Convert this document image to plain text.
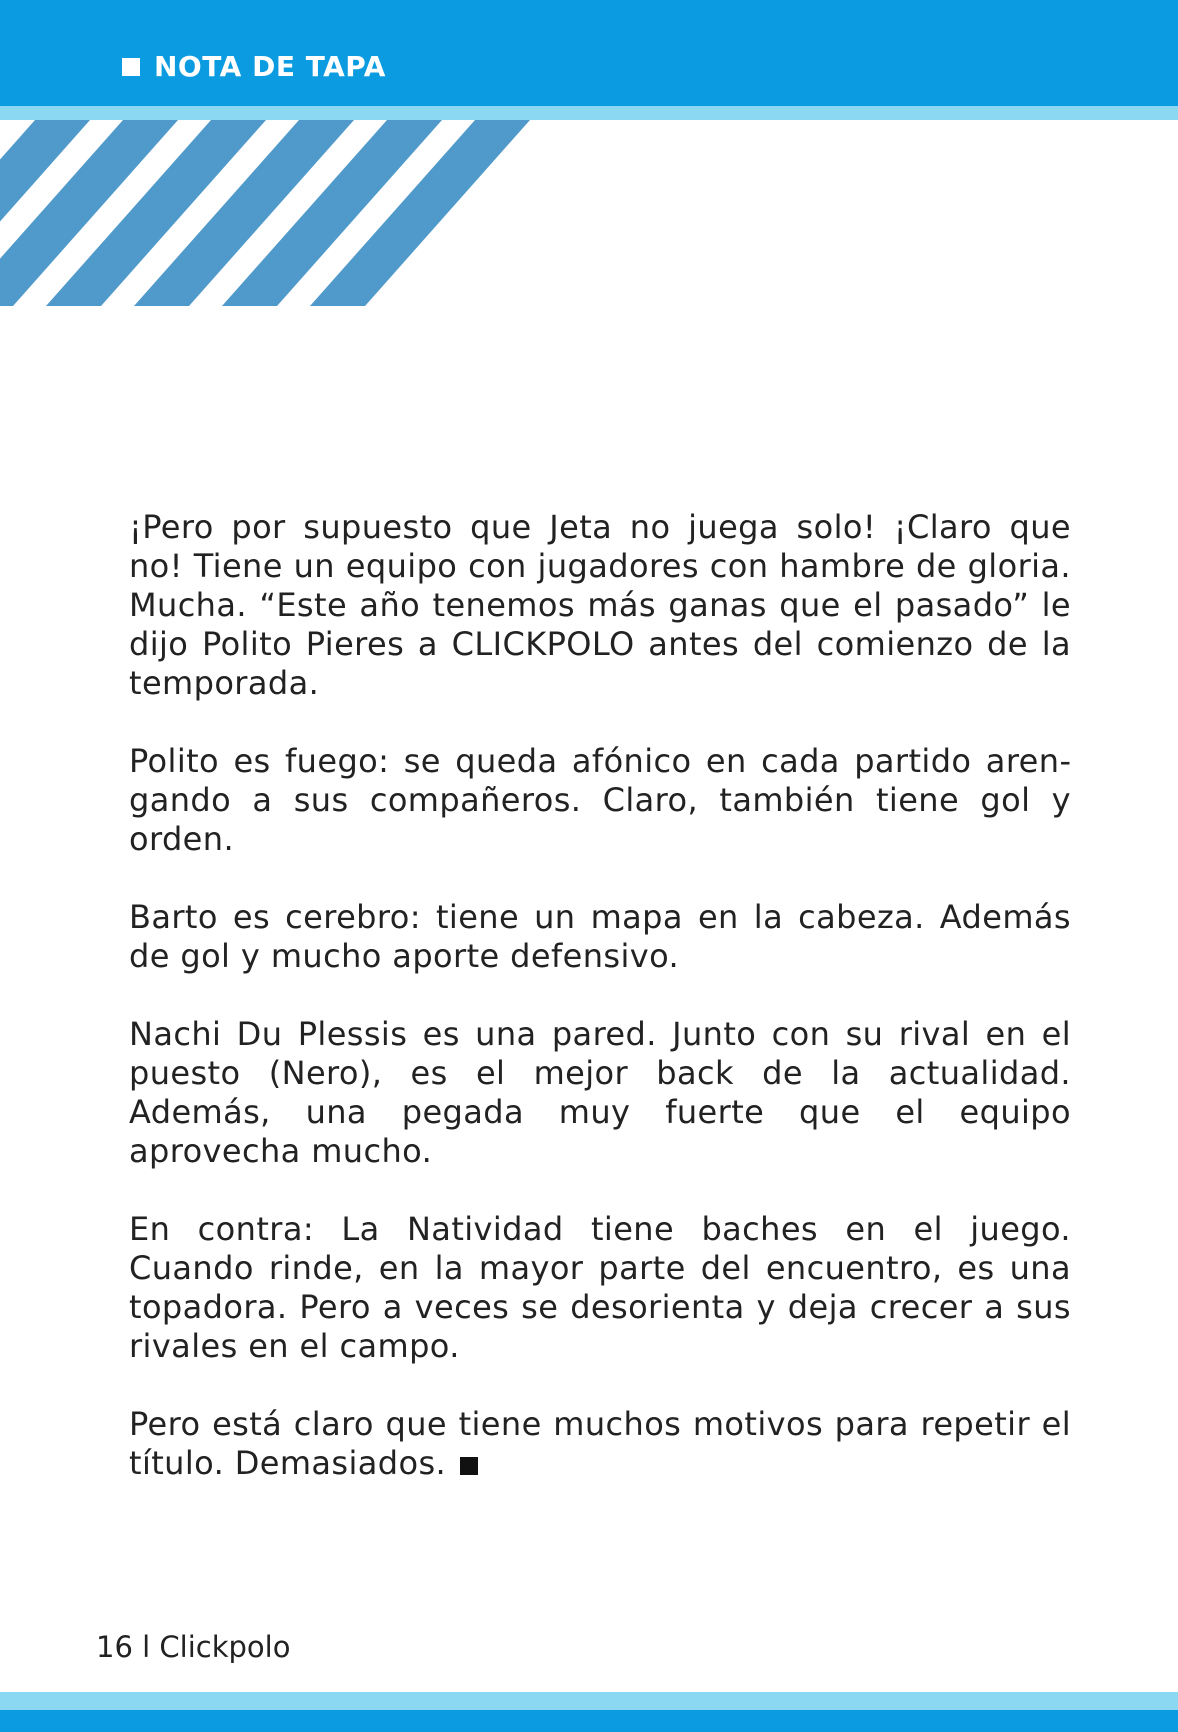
NOTA DE TAPA

¡Pero por supuesto que Jeta no juega solo! ¡Claro que no! Tiene un equipo con jugadores con hambre de gloria. Mucha. “Este año tenemos más ganas que el pasado” le dijo Polito Pieres a CLICKPOLO antes del comienzo de la temporada.

Polito es fuego: se queda afónico en cada partido arengando a sus compañeros. Claro, también tiene gol y orden.

Barto es cerebro: tiene un mapa en la cabeza. Además de gol y mucho aporte defensivo.

Nachi Du Plessis es una pared. Junto con su rival en el puesto (Nero), es el mejor back de la actualidad. Además, una pegada muy fuerte que el equipo aprovecha mucho.

En contra: La Natividad tiene baches en el juego. Cuando rinde, en la mayor parte del encuentro, es una topadora. Pero a veces se desorienta y deja crecer a sus rivales en el campo.

Pero está claro que tiene muchos motivos para repetir el título. Demasiados.

16 l Clickpolo
